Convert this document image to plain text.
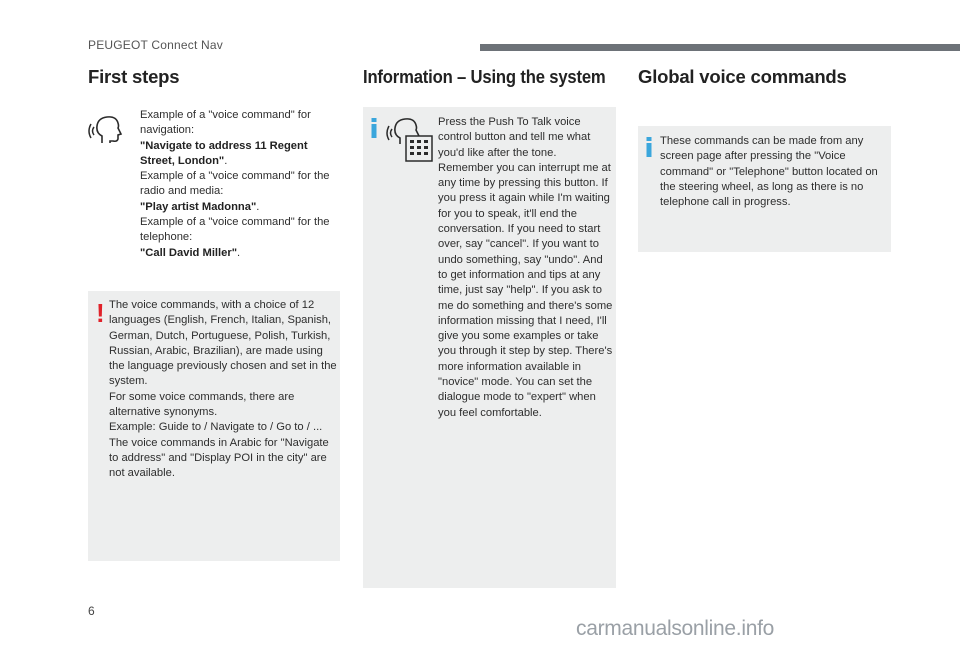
PEUGEOT Connect Nav
First steps
Example of a "voice command" for navigation:
"Navigate to address 11 Regent Street, London".
Example of a "voice command" for the radio and media:
"Play artist Madonna".
Example of a "voice command" for the telephone:
"Call David Miller".
! The voice commands, with a choice of 12 languages (English, French, Italian, Spanish, German, Dutch, Portuguese, Polish, Turkish, Russian, Arabic, Brazilian), are made using the language previously chosen and set in the system.
For some voice commands, there are alternative synonyms.
Example: Guide to / Navigate to / Go to / ...
The voice commands in Arabic for "Navigate to address" and "Display POI in the city" are not available.
Information – Using the system
Press the Push To Talk voice control button and tell me what you'd like after the tone. Remember you can interrupt me at any time by pressing this button. If you press it again while I'm waiting for you to speak, it'll end the conversation. If you need to start over, say "cancel". If you want to undo something, say "undo". And to get information and tips at any time, just say "help". If you ask to me do something and there's some information missing that I need, I'll give you some examples or take you through it step by step. There's more information available in "novice" mode. You can set the dialogue mode to "expert" when you feel comfortable.
Global voice commands
These commands can be made from any screen page after pressing the "Voice command" or "Telephone" button located on the steering wheel, as long as there is no telephone call in progress.
6
carmanualsonline.info
